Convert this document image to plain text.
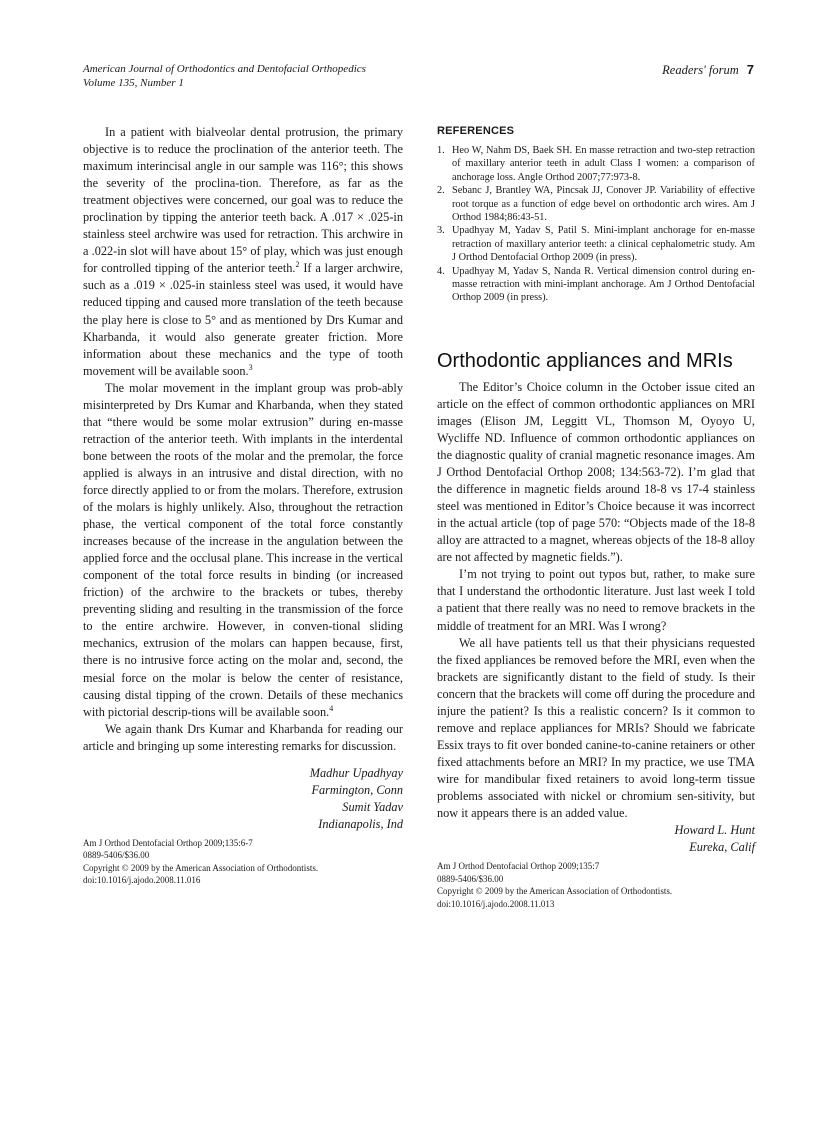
American Journal of Orthodontics and Dentofacial Orthopedics
Volume 135, Number 1
Readers' forum 7

In a patient with bialveolar dental protrusion, the primary objective is to reduce the proclination of the anterior teeth. The maximum interincisal angle in our sample was 116°; this shows the severity of the proclina-tion. Therefore, as far as the treatment objectives were concerned, our goal was to reduce the proclination by tipping the anterior teeth back. A .017 × .025-in stainless steel archwire was used for retraction. This archwire in a .022-in slot will have about 15° of play, which was just enough for controlled tipping of the anterior teeth.$^2$ If a larger archwire, such as a .019 × .025-in stainless steel was used, it would have reduced tipping and caused more translation of the teeth because the play here is close to 5° and as mentioned by Drs Kumar and Kharbanda, it would also generate greater friction. More information about these mechanics and the type of tooth movement will be available soon.$^3$

The molar movement in the implant group was prob-ably misinterpreted by Drs Kumar and Kharbanda, when they stated that “there would be some molar extrusion” during en-masse retraction of the anterior teeth. With implants in the interdental bone between the roots of the molar and the premolar, the force applied is always in an intrusive and distal direction, with no force directly applied to or from the molars. Therefore, extrusion of the molars is highly unlikely. Also, throughout the retraction phase, the vertical component of the total force constantly increases because of the increase in the angulation between the applied force and the occlusal plane. This increase in the vertical component of the total force results in binding (or increased friction) of the archwire to the brackets or tubes, thereby preventing sliding and resulting in the transmission of the force to the entire archwire. However, in conven-tional sliding mechanics, extrusion of the molars can happen because, first, there is no intrusive force acting on the molar and, second, the mesial force on the molar is below the center of resistance, causing distal tipping of the crown. Details of these mechanics with pictorial descrip-tions will be available soon.$^4$

We again thank Drs Kumar and Kharbanda for reading our article and bringing up some interesting remarks for discussion.

Madhur Upadhyay
Farmington, Conn
Sumit Yadav
Indianapolis, Ind
Am J Orthod Dentofacial Orthop 2009;135:6-7
0889-5406/$36.00
Copyright © 2009 by the American Association of Orthodontists.
doi:10.1016/j.ajodo.2008.11.016
REFERENCES
1. Heo W, Nahm DS, Baek SH. En masse retraction and two-step retraction of maxillary anterior teeth in adult Class I women: a comparison of anchorage loss. Angle Orthod 2007;77:973-8.
2. Sebanc J, Brantley WA, Pincsak JJ, Conover JP. Variability of effective root torque as a function of edge bevel on orthodontic arch wires. Am J Orthod 1984;86:43-51.
3. Upadhyay M, Yadav S, Patil S. Mini-implant anchorage for en-masse retraction of maxillary anterior teeth: a clinical cephalometric study. Am J Orthod Dentofacial Orthop 2009 (in press).
4. Upadhyay M, Yadav S, Nanda R. Vertical dimension control during en-masse retraction with mini-implant anchorage. Am J Orthod Dentofacial Orthop 2009 (in press).
Orthodontic appliances and MRIs

The Editor’s Choice column in the October issue cited an article on the effect of common orthodontic appliances on MRI images (Elison JM, Leggitt VL, Thomson M, Oyoyo U, Wycliffe ND. Influence of common orthodontic appliances on the diagnostic quality of cranial magnetic resonance images. Am J Orthod Dentofacial Orthop 2008; 134:563-72). I’m glad that the difference in magnetic fields around 18-8 vs 17-4 stainless steel was mentioned in Editor’s Choice because it was incorrect in the actual article (top of page 570: “Objects made of the 18-8 alloy are attracted to a magnet, whereas objects of the 18-8 alloy are not affected by magnetic fields.”).

I’m not trying to point out typos but, rather, to make sure that I understand the orthodontic literature. Just last week I told a patient that there really was no need to remove brackets in the middle of treatment for an MRI. Was I wrong?

We all have patients tell us that their physicians requested the fixed appliances be removed before the MRI, even when the brackets are significantly distant to the field of study. Is their concern that the brackets will come off during the procedure and injure the patient? Is this a realistic concern? Is it common to remove and replace appliances for MRIs? Should we fabricate Essix trays to fit over bonded canine-to-canine retainers or other fixed attachments before an MRI? In my practice, we use TMA wire for mandibular fixed retainers to avoid long-term tissue problems associated with nickel or chromium sen-sitivity, but now it appears there is an added value.

Howard L. Hunt
Eureka, Calif
Am J Orthod Dentofacial Orthop 2009;135:7
0889-5406/$36.00
Copyright © 2009 by the American Association of Orthodontists.
doi:10.1016/j.ajodo.2008.11.013
